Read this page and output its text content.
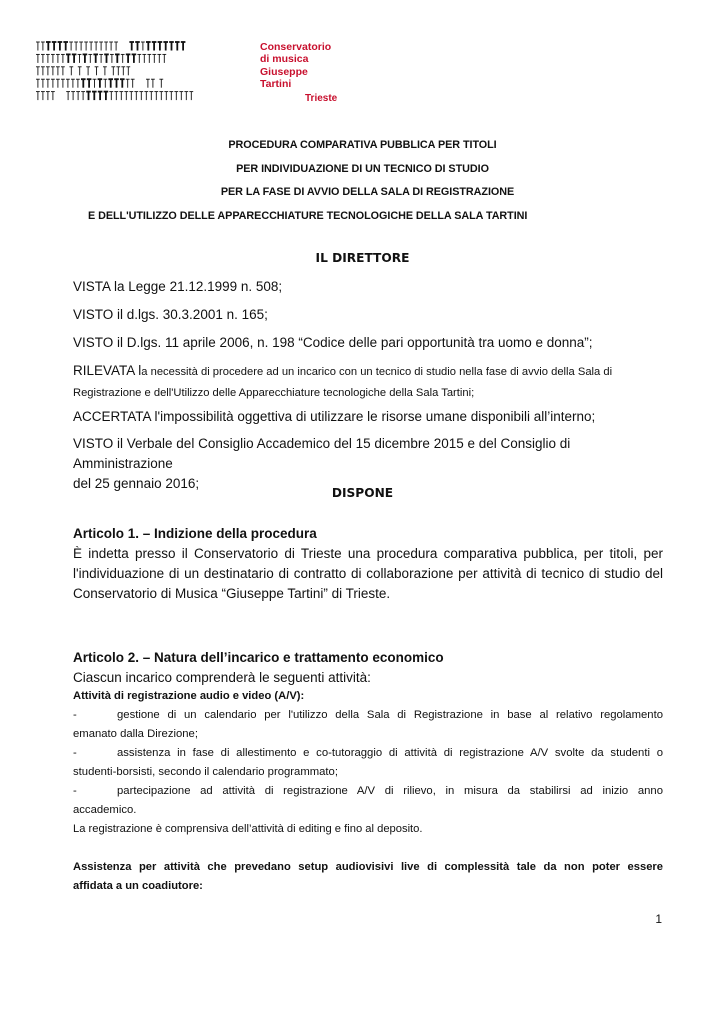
Conservatorio
di musica
Giuseppe
Tartini
Trieste
PROCEDURA COMPARATIVA PUBBLICA PER TITOLI
PER INDIVIDUAZIONE DI UN TECNICO DI STUDIO
PER LA FASE DI AVVIO DELLA SALA DI REGISTRAZIONE
E DELL'UTILIZZO DELLE APPARECCHIATURE TECNOLOGICHE DELLA SALA TARTINI
IL DIRETTORE
VISTA la Legge 21.12.1999 n. 508;
VISTO il d.lgs. 30.3.2001 n. 165;
VISTO il D.lgs. 11 aprile 2006, n. 198 “Codice delle pari opportunità tra uomo e donna”;
RILEVATA la necessità di procedere ad un incarico con un tecnico di studio nella fase di avvio della Sala di
Registrazione e dell'Utilizzo delle Apparecchiature tecnologiche della Sala Tartini;
ACCERTATA l'impossibilità oggettiva di utilizzare le risorse umane disponibili all’interno;
VISTO il Verbale del Consiglio Accademico del 15 dicembre 2015 e del Consiglio di Amministrazione
del 25 gennaio 2016;
DISPONE
Articolo 1. – Indizione della procedura

È indetta presso il Conservatorio di Trieste una procedura comparativa pubblica, per titoli, per
l'individuazione di un destinatario di contratto di collaborazione per attività di tecnico di studio del
Conservatorio di Musica “Giuseppe Tartini” di Trieste.
Articolo 2. – Natura dell’incarico e trattamento economico
Ciascun incarico comprenderà le seguenti attività:
Attività di registrazione audio e video (A/V):
-	gestione di un calendario per l'utilizzo della Sala di Registrazione in base al relativo regolamento
emanato dalla Direzione;
-	assistenza in fase di allestimento e co-tutoraggio di attività di registrazione A/V svolte da studenti o
studenti-borsisti, secondo il calendario programmato;
-	partecipazione ad attività di registrazione A/V di rilievo, in misura da stabilirsi ad inizio anno
accademico.
La registrazione è comprensiva dell’attività di editing e fino al deposito.
Assistenza per attività che prevedano setup audiovisivi live di complessità tale da non poter essere
affidata a un coadiutore:
1
